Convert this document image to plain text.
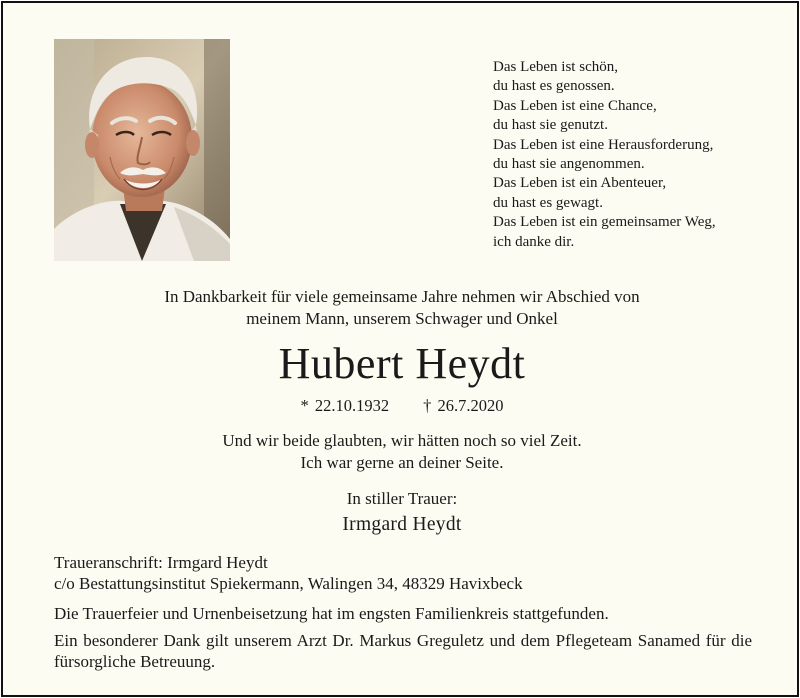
Das Leben ist schön,
du hast es genossen.
Das Leben ist eine Chance,
du hast sie genutzt.
Das Leben ist eine Herausforderung,
du hast sie angenommen.
Das Leben ist ein Abenteuer,
du hast es gewagt.
Das Leben ist ein gemeinsamer Weg,
ich danke dir.
In Dankbarkeit für viele gemeinsame Jahre nehmen wir Abschied von
meinem Mann, unserem Schwager und Onkel
Hubert Heydt
* 22.10.1932 † 26.7.2020
Und wir beide glaubten, wir hätten noch so viel Zeit.
Ich war gerne an deiner Seite.
In stiller Trauer:
Irmgard Heydt
Traueranschrift: Irmgard Heydt
c/o Bestattungsinstitut Spiekermann, Walingen 34, 48329 Havixbeck
Die Trauerfeier und Urnenbeisetzung hat im engsten Familienkreis stattgefunden.
Ein besonderer Dank gilt unserem Arzt Dr. Markus Greguletz und dem Pflegeteam Sanamed für die fürsorgliche Betreuung.
